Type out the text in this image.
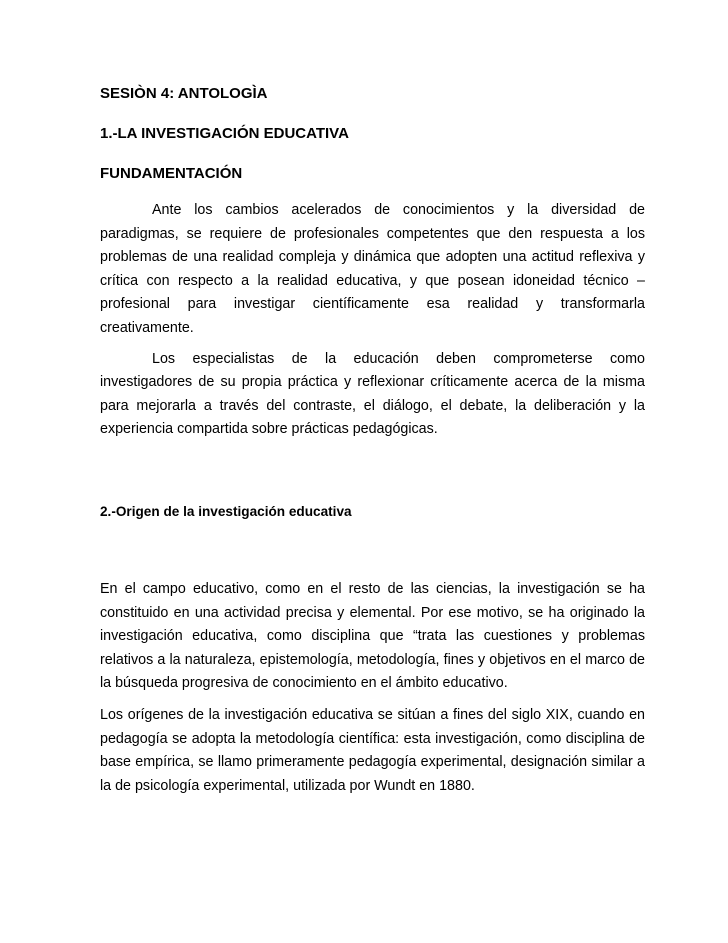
SESIÒN 4: ANTOLOGÌA

1.-LA INVESTIGACIÓN EDUCATIVA

FUNDAMENTACIÓN

Ante los cambios acelerados de conocimientos y la diversidad de paradigmas, se requiere de profesionales competentes que den respuesta a los problemas de una realidad compleja y dinámica que adopten una actitud reflexiva y crítica con respecto a la realidad educativa, y que posean idoneidad técnico – profesional para investigar científicamente esa realidad y transformarla creativamente.

Los especialistas de la educación deben comprometerse como investigadores de su propia práctica y reflexionar críticamente acerca de la misma para mejorarla a través del contraste, el diálogo, el debate, la deliberación y la experiencia compartida sobre prácticas pedagógicas.

2.-Origen de la investigación educativa

En el campo educativo, como en el resto de las ciencias, la investigación se ha constituido en una actividad precisa y elemental. Por ese motivo, se ha originado la investigación educativa, como disciplina que “trata las cuestiones y problemas relativos a la naturaleza, epistemología, metodología, fines y objetivos en el marco de la búsqueda progresiva de conocimiento en el ámbito educativo.

Los orígenes de la investigación educativa se sitúan a fines del siglo XIX, cuando en pedagogía se adopta la metodología científica: esta investigación, como disciplina de base empírica, se llamo primeramente pedagogía experimental, designación similar a la de psicología experimental, utilizada por Wundt en 1880.
